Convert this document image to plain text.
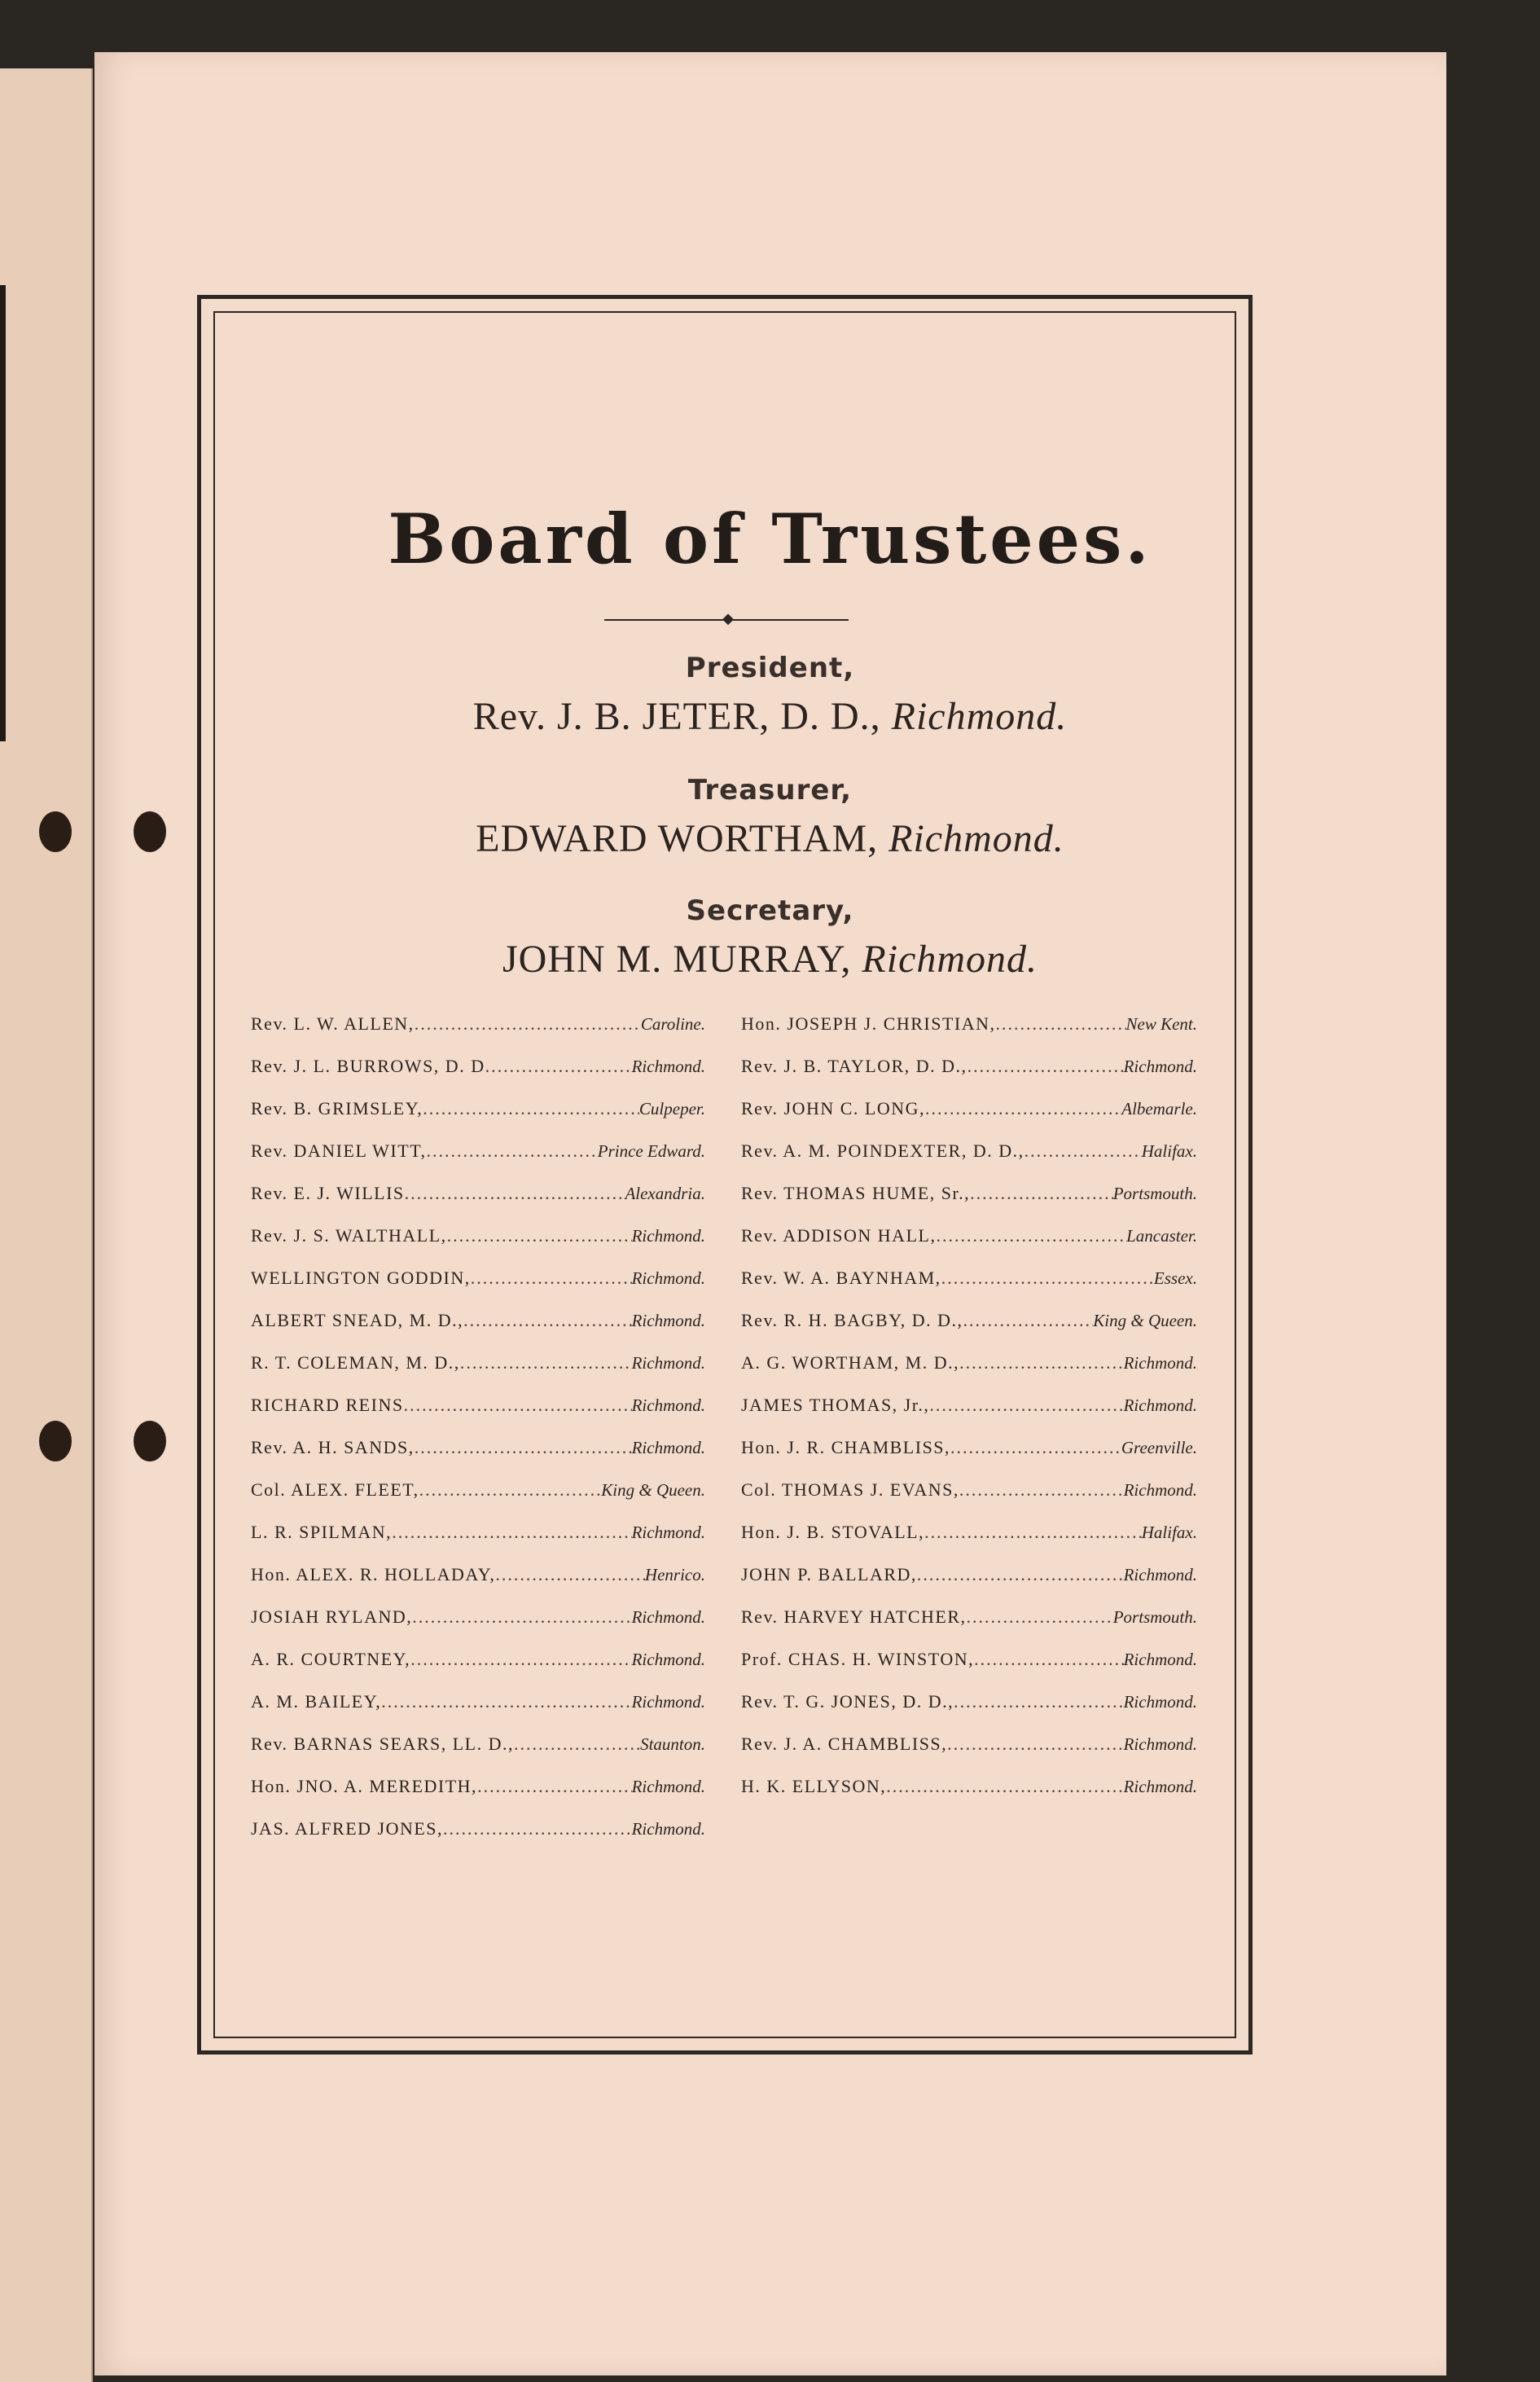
Board of Trustees.
◆
President,
Rev. J. B. JETER, D. D., Richmond.
Treasurer,
EDWARD WORTHAM, Richmond.
Secretary,
JOHN M. MURRAY, Richmond.
Rev. L. W. ALLEN, .....	Caroline.
Rev. J. L. BURROWS, D. D .....	Richmond.
Rev. B. GRIMSLEY, .....	Culpeper.
Rev. DANIEL WITT, .....	Prince Edward.
Rev. E. J. WILLIS .....	Alexandria.
Rev. J. S. WALTHALL, .....	Richmond.
WELLINGTON GODDIN, .....	Richmond.
ALBERT SNEAD, M. D., .....	Richmond.
R. T. COLEMAN, M. D., .....	Richmond.
RICHARD REINS .....	Richmond.
Rev. A. H. SANDS, .....	Richmond.
Col. ALEX. FLEET, .....	King & Queen.
L. R. SPILMAN, .....	Richmond.
Hon. ALEX. R. HOLLADAY, .....	Henrico.
JOSIAH RYLAND, .....	Richmond.
A. R. COURTNEY, .....	Richmond.
A. M. BAILEY, .....	Richmond.
Rev. BARNAS SEARS, LL. D., .....	Staunton.
Hon. JNO. A. MEREDITH, .....	Richmond.
JAS. ALFRED JONES, .....	Richmond.
Hon. JOSEPH J. CHRISTIAN, .....	New Kent.
Rev. J. B. TAYLOR, D. D., .....	Richmond.
Rev. JOHN C. LONG, .....	Albemarle.
Rev. A. M. POINDEXTER, D. D., .....	Halifax.
Rev. THOMAS HUME, Sr., .....	Portsmouth.
Rev. ADDISON HALL, .....	Lancaster.
Rev. W. A. BAYNHAM, .....	Essex.
Rev. R. H. BAGBY, D. D., .....	King & Queen.
A. G. WORTHAM, M. D., .....	Richmond.
JAMES THOMAS, Jr., .....	Richmond.
Hon. J. R. CHAMBLISS, .....	Greenville.
Col. THOMAS J. EVANS, .....	Richmond.
Hon. J. B. STOVALL, .....	Halifax.
JOHN P. BALLARD, .....	Richmond.
Rev. HARVEY HATCHER, .....	Portsmouth.
Prof. CHAS. H. WINSTON, .....	Richmond.
Rev. T. G. JONES, D. D., .....	Richmond.
Rev. J. A. CHAMBLISS, .....	Richmond.
H. K. ELLYSON, .....	Richmond.
